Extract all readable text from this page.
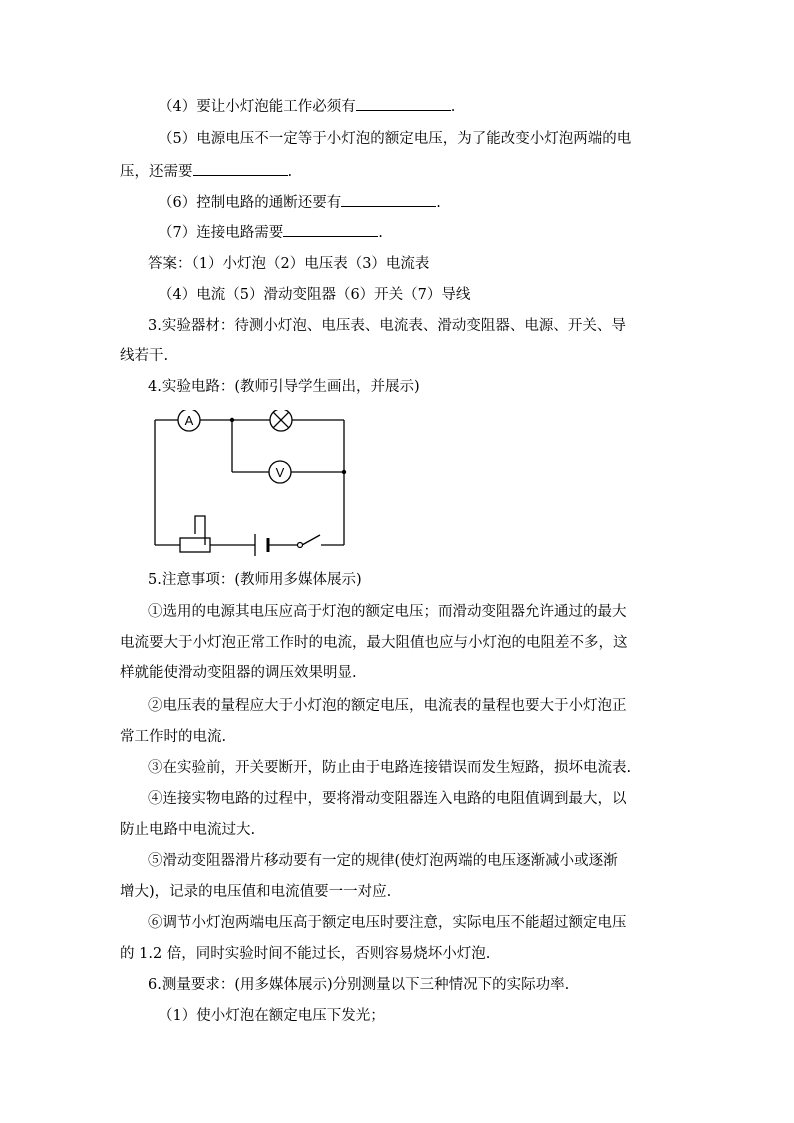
（4）要让小灯泡能工作必须有	.
（5）电源电压不一定等于小灯泡的额定电压，为了能改变小灯泡两端的电
压，还需要	.
（6）控制电路的通断还要有	.
（7）连接电路需要	.
答案：（1）小灯泡（2）电压表（3）电流表
（4）电流（5）滑动变阻器（6）开关（7）导线
3.实验器材：待测小灯泡、电压表、电流表、滑动变阻器、电源、开关、导
线若干.
4.实验电路：(教师引导学生画出，并展示)
A
V
5.注意事项：(教师用多媒体展示)
①选用的电源其电压应高于灯泡的额定电压；而滑动变阻器允许通过的最大
电流要大于小灯泡正常工作时的电流，最大阻值也应与小灯泡的电阻差不多，这
样就能使滑动变阻器的调压效果明显.
②电压表的量程应大于小灯泡的额定电压，电流表的量程也要大于小灯泡正
常工作时的电流.
③在实验前，开关要断开，防止由于电路连接错误而发生短路，损坏电流表.
④连接实物电路的过程中，要将滑动变阻器连入电路的电阻值调到最大，以
防止电路中电流过大.
⑤滑动变阻器滑片移动要有一定的规律(使灯泡两端的电压逐渐减小或逐渐
增大)，记录的电压值和电流值要一一对应.
⑥调节小灯泡两端电压高于额定电压时要注意，实际电压不能超过额定电压
的 1.2 倍，同时实验时间不能过长，否则容易烧坏小灯泡.
6.测量要求：(用多媒体展示)分别测量以下三种情况下的实际功率.
（1）使小灯泡在额定电压下发光；
